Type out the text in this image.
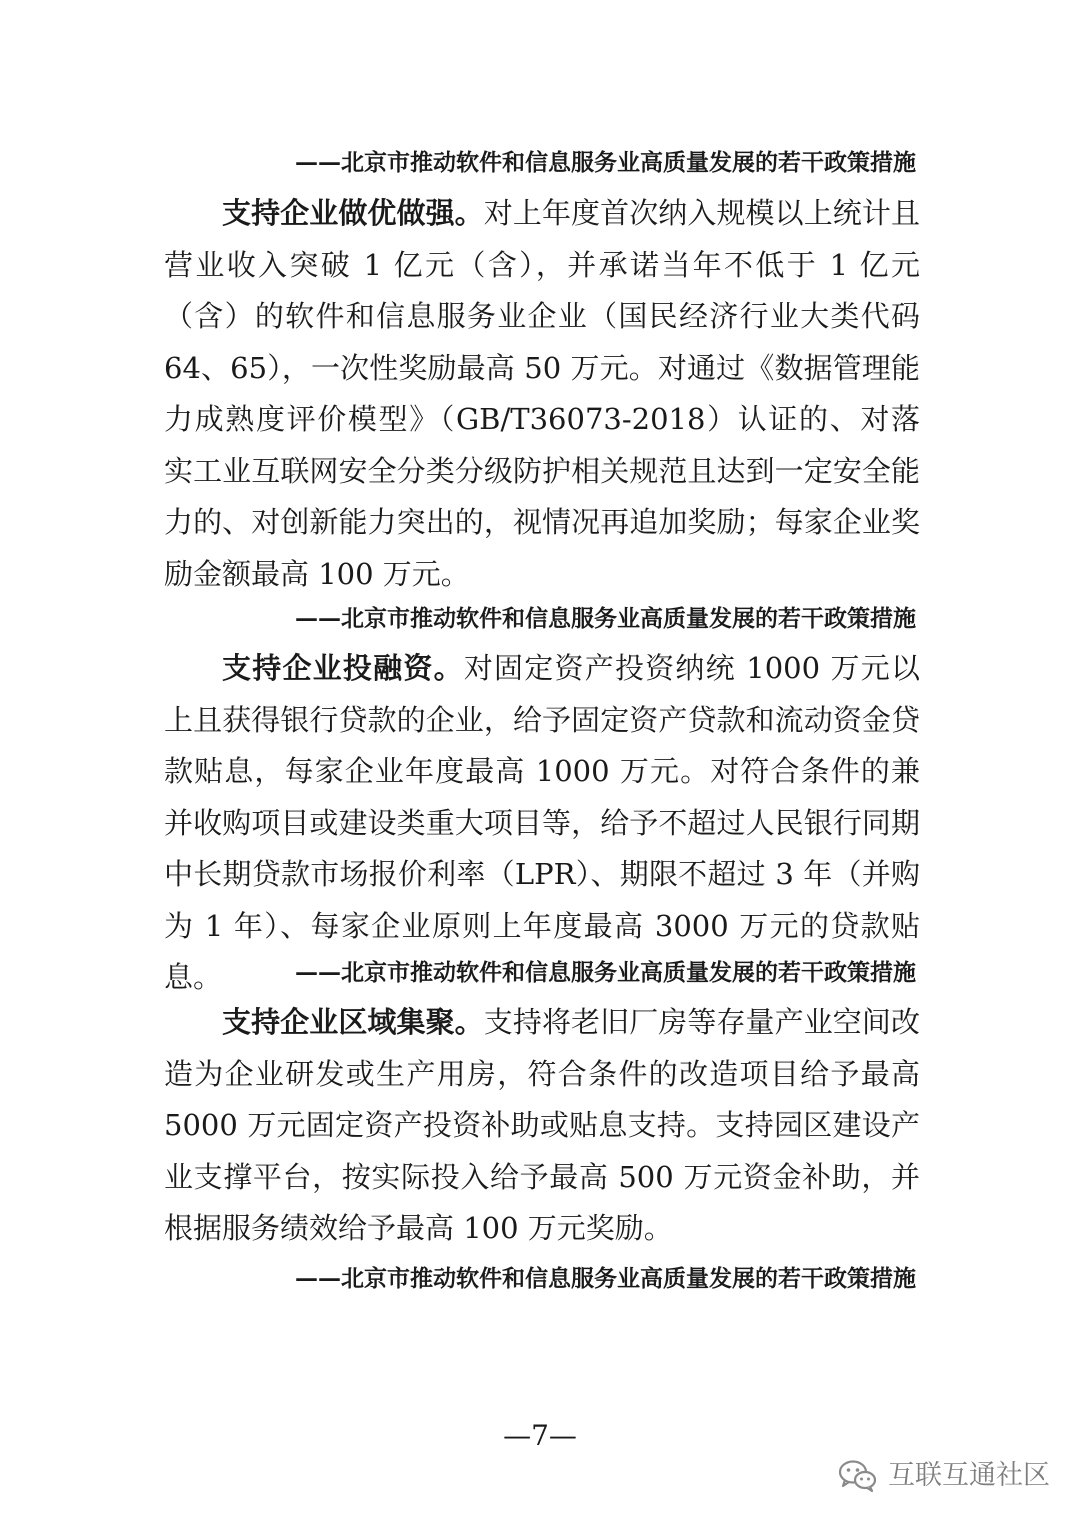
——北京市推动软件和信息服务业高质量发展的若干政策措施
支持企业做优做强。对上年度首次纳入规模以上统计且营业收入突破 1 亿元（含），并承诺当年不低于 1 亿元（含）的软件和信息服务业企业（国民经济行业大类代码 64、65），一次性奖励最高 50 万元。对通过《数据管理能力成熟度评价模型》（GB/T36073-2018）认证的、对落实工业互联网安全分类分级防护相关规范且达到一定安全能力的、对创新能力突出的，视情况再追加奖励；每家企业奖励金额最高 100 万元。
——北京市推动软件和信息服务业高质量发展的若干政策措施
支持企业投融资。对固定资产投资纳统 1000 万元以上且获得银行贷款的企业，给予固定资产贷款和流动资金贷款贴息，每家企业年度最高 1000 万元。对符合条件的兼并收购项目或建设类重大项目等，给予不超过人民银行同期中长期贷款市场报价利率（LPR）、期限不超过 3 年（并购为 1 年）、每家企业原则上年度最高 3000 万元的贷款贴息。	——北京市推动软件和信息服务业高质量发展的若干政策措施
支持企业区域集聚。支持将老旧厂房等存量产业空间改造为企业研发或生产用房，符合条件的改造项目给予最高 5000 万元固定资产投资补助或贴息支持。支持园区建设产业支撑平台，按实际投入给予最高 500 万元资金补助，并根据服务绩效给予最高 100 万元奖励。
——北京市推动软件和信息服务业高质量发展的若干政策措施
—7—
互联互通社区
